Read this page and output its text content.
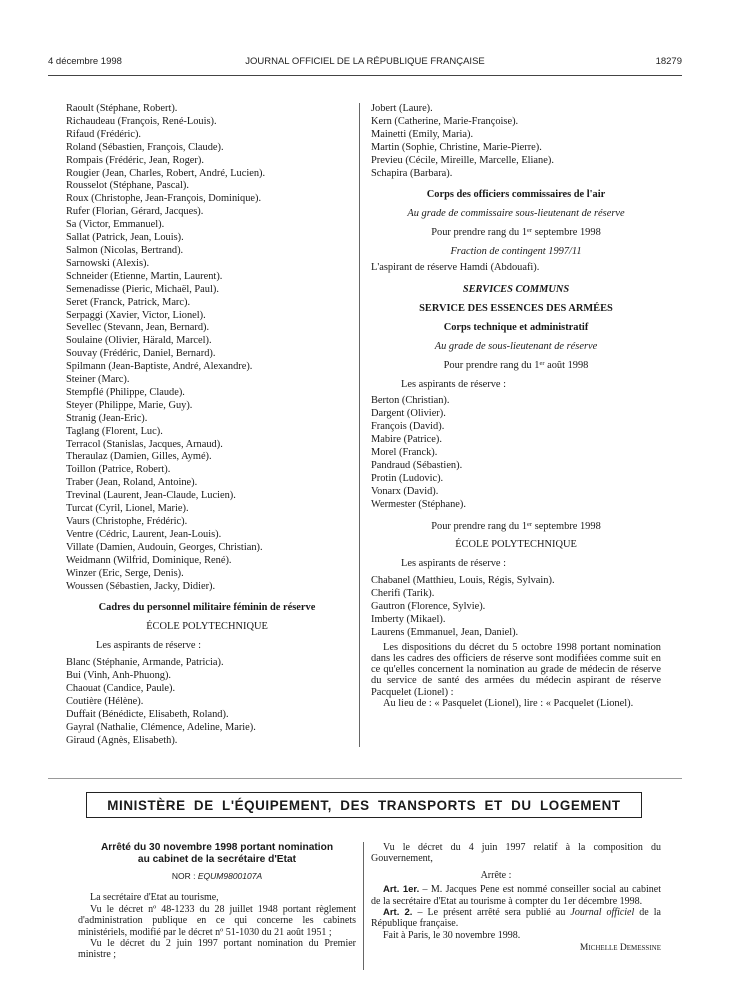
4 décembre 1998	JOURNAL OFFICIEL DE LA RÉPUBLIQUE FRANÇAISE	18279
Raoult (Stéphane, Robert).
Richaudeau (François, René-Louis).
Rifaud (Frédéric).
Roland (Sébastien, François, Claude).
Rompais (Frédéric, Jean, Roger).
Rougier (Jean, Charles, Robert, André, Lucien).
Rousselot (Stéphane, Pascal).
Roux (Christophe, Jean-François, Dominique).
Rufer (Florian, Gérard, Jacques).
Sa (Victor, Emmanuel).
Sallat (Patrick, Jean, Louis).
Salmon (Nicolas, Bertrand).
Sarnowski (Alexis).
Schneider (Etienne, Martin, Laurent).
Semenadisse (Pieric, Michaël, Paul).
Seret (Franck, Patrick, Marc).
Serpaggi (Xavier, Victor, Lionel).
Sevellec (Stevann, Jean, Bernard).
Soulaine (Olivier, Härald, Marcel).
Souvay (Frédéric, Daniel, Bernard).
Spilmann (Jean-Baptiste, André, Alexandre).
Steiner (Marc).
Stempflé (Philippe, Claude).
Steyer (Philippe, Marie, Guy).
Stranig (Jean-Eric).
Taglang (Florent, Luc).
Terracol (Stanislas, Jacques, Arnaud).
Theraulaz (Damien, Gilles, Aymé).
Toillon (Patrice, Robert).
Traber (Jean, Roland, Antoine).
Trevinal (Laurent, Jean-Claude, Lucien).
Turcat (Cyril, Lionel, Marie).
Vaurs (Christophe, Frédéric).
Ventre (Cédric, Laurent, Jean-Louis).
Villate (Damien, Audouin, Georges, Christian).
Weidmann (Wilfrid, Dominique, René).
Winzer (Eric, Serge, Denis).
Woussen (Sébastien, Jacky, Didier).
Cadres du personnel militaire féminin de réserve
ÉCOLE POLYTECHNIQUE
Les aspirants de réserve :
Blanc (Stéphanie, Armande, Patricia).
Bui (Vinh, Anh-Phuong).
Chaouat (Candice, Paule).
Coutière (Hélène).
Duffait (Bénédicte, Elisabeth, Roland).
Gayral (Nathalie, Clémence, Adeline, Marie).
Giraud (Agnès, Elisabeth).
Jobert (Laure).
Kern (Catherine, Marie-Françoise).
Mainetti (Emily, Maria).
Martin (Sophie, Christine, Marie-Pierre).
Previeu (Cécile, Mireille, Marcelle, Eliane).
Schapira (Barbara).
Corps des officiers commissaires de l'air
Au grade de commissaire sous-lieutenant de réserve
Pour prendre rang du 1er septembre 1998
Fraction de contingent 1997/11
L'aspirant de réserve Hamdi (Abdouafi).
SERVICES COMMUNS
SERVICE DES ESSENCES DES ARMÉES
Corps technique et administratif
Au grade de sous-lieutenant de réserve
Pour prendre rang du 1er août 1998
Les aspirants de réserve :
Berton (Christian).
Dargent (Olivier).
François (David).
Mabire (Patrice).
Morel (Franck).
Pandraud (Sébastien).
Protin (Ludovic).
Vonarx (David).
Wermester (Stéphane).
Pour prendre rang du 1er septembre 1998
ÉCOLE POLYTECHNIQUE
Les aspirants de réserve :
Chabanel (Matthieu, Louis, Régis, Sylvain).
Cherifi (Tarik).
Gautron (Florence, Sylvie).
Imberty (Mikael).
Laurens (Emmanuel, Jean, Daniel).
Les dispositions du décret du 5 octobre 1998 portant nomination dans les cadres des officiers de réserve sont modifiées comme suit en ce qu'elles concernent la nomination au grade de médecin de réserve du service de santé des armées du médecin aspirant de réserve Pacquelet (Lionel) :
Au lieu de : « Pasquelet (Lionel), lire : « Pacquelet (Lionel).
MINISTÈRE DE L'ÉQUIPEMENT, DES TRANSPORTS ET DU LOGEMENT
Arrêté du 30 novembre 1998 portant nomination
au cabinet de la secrétaire d'Etat
NOR : EQUM9800107A
La secrétaire d'Etat au tourisme,
Vu le décret nº 48-1233 du 28 juillet 1948 portant règlement d'administration publique en ce qui concerne les cabinets ministériels, modifié par le décret nº 51-1030 du 21 août 1951 ;
Vu le décret du 2 juin 1997 portant nomination du Premier ministre ;
Vu le décret du 4 juin 1997 relatif à la composition du Gouvernement,
Arrête :
Art. 1er. – M. Jacques Pene est nommé conseiller social au cabinet de la secrétaire d'Etat au tourisme à compter du 1er décembre 1998.
Art. 2. – Le présent arrêté sera publié au Journal officiel de la République française.
Fait à Paris, le 30 novembre 1998.
Michelle Demessine
